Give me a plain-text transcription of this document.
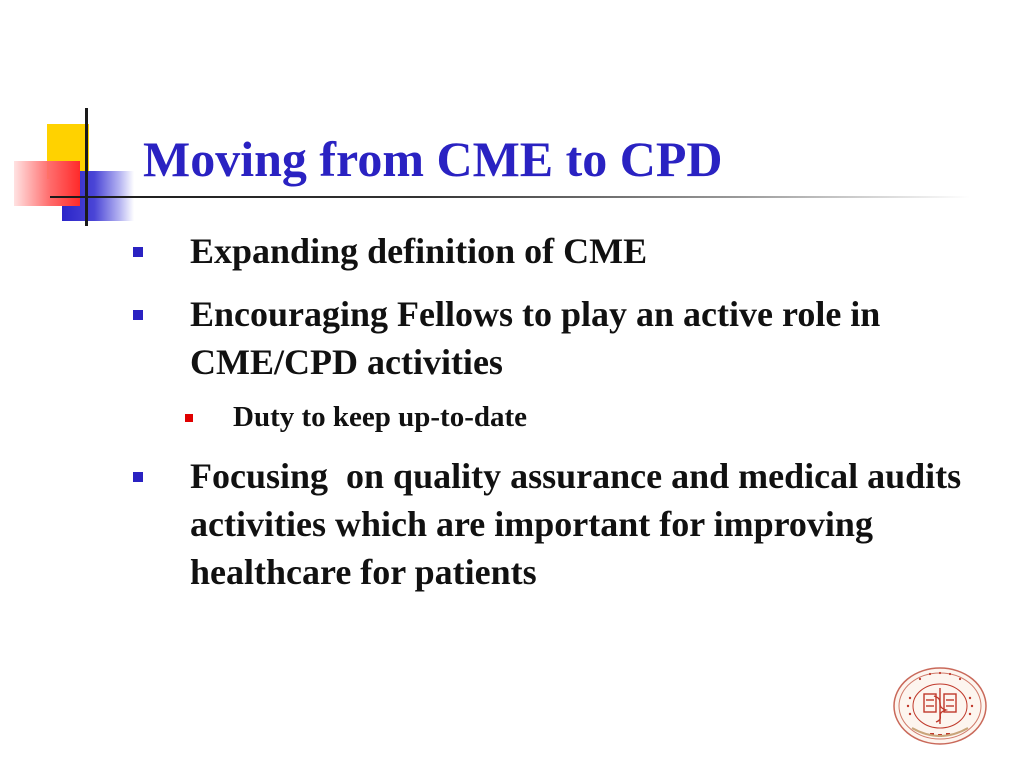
Moving from CME to CPD
Expanding definition of CME
Encouraging Fellows to play an active role in CME/CPD activities
Duty to keep up-to-date
Focusing  on quality assurance and medical audits activities which are important for improving healthcare for patients
